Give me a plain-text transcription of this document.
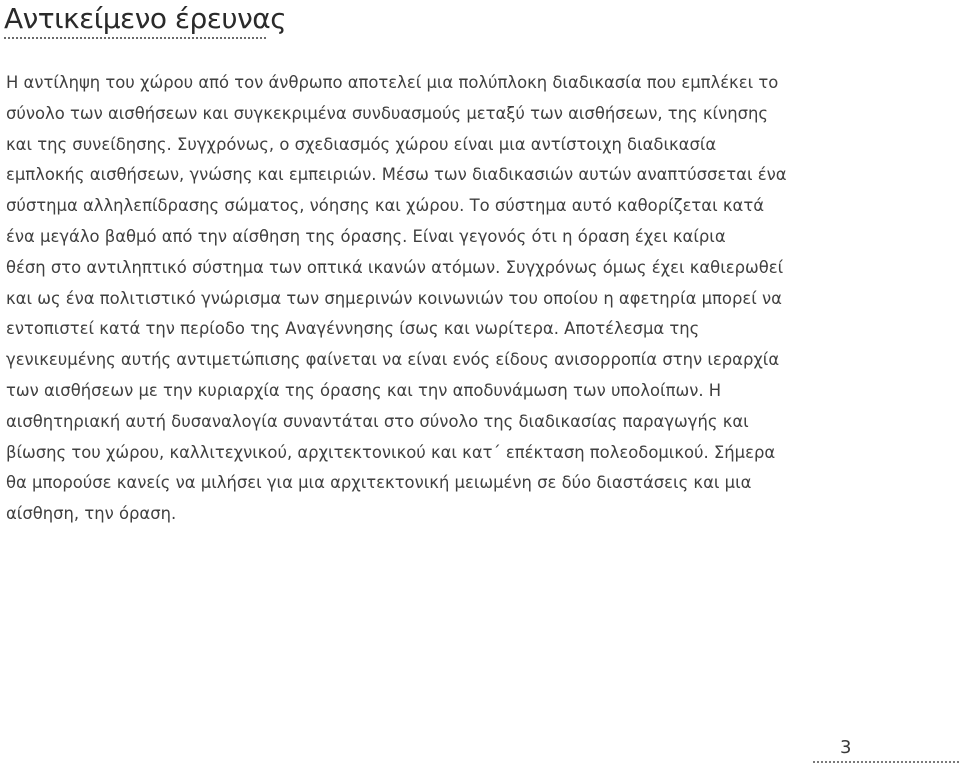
Αντικείμενο έρευνας

Η αντίληψη του χώρου από τον άνθρωπο αποτελεί μια πολύπλοκη διαδικασία που εμπλέκει το
σύνολο των αισθήσεων και συγκεκριμένα συνδυασμούς μεταξύ των αισθήσεων, της κίνησης
και της συνείδησης. Συγχρόνως, ο σχεδιασμός χώρου είναι μια αντίστοιχη διαδικασία
εμπλοκής αισθήσεων, γνώσης και εμπειριών. Μέσω των διαδικασιών αυτών αναπτύσσεται ένα
σύστημα αλληλεπίδρασης σώματος, νόησης και χώρου. Το σύστημα αυτό καθορίζεται κατά
ένα μεγάλο βαθμό από την αίσθηση της όρασης. Είναι γεγονός ότι η όραση έχει καίρια
θέση στο αντιληπτικό σύστημα των οπτικά ικανών ατόμων. Συγχρόνως όμως έχει καθιερωθεί
και ως ένα πολιτιστικό γνώρισμα των σημερινών κοινωνιών του οποίου η αφετηρία μπορεί να
εντοπιστεί κατά την περίοδο της Αναγέννησης ίσως και νωρίτερα. Αποτέλεσμα της
γενικευμένης αυτής αντιμετώπισης φαίνεται να είναι ενός είδους ανισορροπία στην ιεραρχία
των αισθήσεων με την κυριαρχία της όρασης και την αποδυνάμωση των υπολοίπων. Η
αισθητηριακή αυτή δυσαναλογία συναντάται στο σύνολο της διαδικασίας παραγωγής και
βίωσης του χώρου, καλλιτεχνικού, αρχιτεκτονικού και κατ΄ επέκταση πολεοδομικού. Σήμερα
θα μπορούσε κανείς να μιλήσει για μια αρχιτεκτονική μειωμένη σε δύο διαστάσεις και μια
αίσθηση, την όραση.

3
